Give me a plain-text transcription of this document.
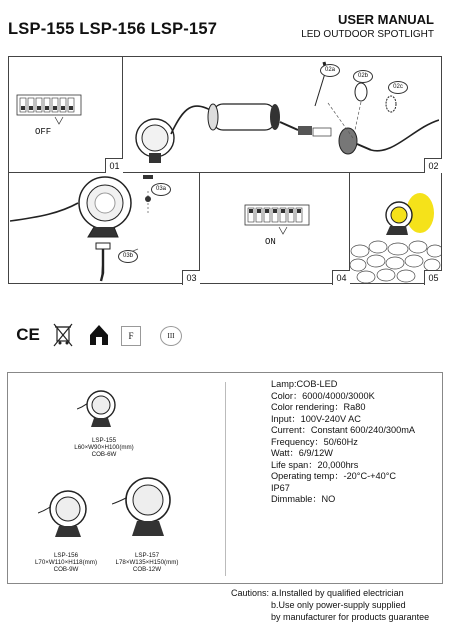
LSP-155 LSP-156 LSP-157
USER MANUAL
LED OUTDOOR SPOTLIGHT
OFF
01
02a
02b
02c
02
03a
03b
03
ON
04	05
CE	F	III
LSP-155
L60×W90×H100(mm)
COB-6W
LSP-156
L70×W110×H118(mm)
COB-9W
LSP-157
L78×W135×H150(mm)
COB-12W
Lamp:COB-LED
Color：6000/4000/3000K
Color rendering：Ra80
Input：100V-240V AC
Current：Constant 600/240/300mA
Frequency：50/60Hz
Watt：6/9/12W
Life span：20,000hrs
Operating temp：-20°C-+40°C
IP67
Dimmable：NO
Cautions: a.Installed by qualified electrician
b.Use only power-supply supplied
by manufacturer for products guarantee
